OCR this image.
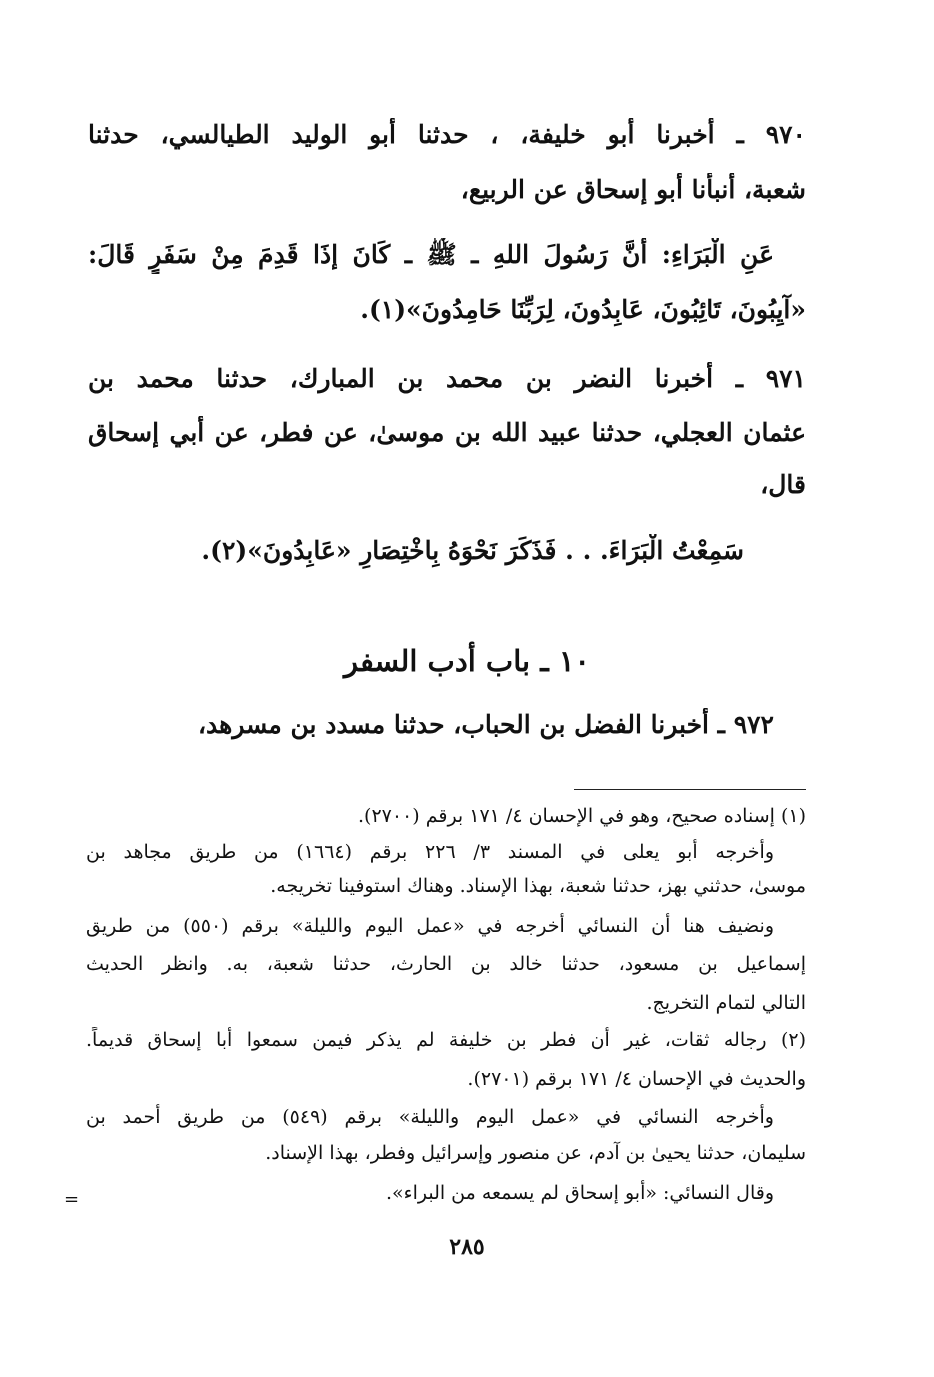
٩٧٠ ـ أخبرنا أبو خليفة، ، حدثنا أبو الوليد الطيالسي، حدثنا
شعبة، أنبأنا أبو إسحاق عن الربيع،
عَنِ الْبَرَاءِ: أَنَّ رَسُولَ اللهِ ـ ﷺ ـ كَانَ إذَا قَدِمَ مِنْ سَفَرٍ قَالَ:
«آيِبُونَ، تَائِبُونَ، عَابِدُونَ، لِرَبِّنَا حَامِدُونَ»(١).
٩٧١ ـ أخبرنا النضر بن محمد بن المبارك، حدثنا محمد بن
عثمان العجلي، حدثنا عبيد الله بن موسىٰ، عن فطر، عن أبي إسحاق
قال،
سَمِعْتُ الْبَرَاءَ. . . فَذَكَرَ نَحْوَهُ بِاخْتِصَارِ «عَابِدُونَ»(٢).
١٠ ـ باب أدب السفر
٩٧٢ ـ أخبرنا الفضل بن الحباب، حدثنا مسدد بن مسرهد،
(١) إسناده صحيح، وهو في الإحسان ٤/ ١٧١ برقم (٢٧٠٠).
وأخرجه أبو يعلى في المسند ٣/ ٢٢٦ برقم (١٦٦٤) من طريق مجاهد بن
موسىٰ، حدثني بهز، حدثنا شعبة، بهذا الإسناد. وهناك استوفينا تخريجه.
ونضيف هنا أن النسائي أخرجه في «عمل اليوم والليلة» برقم (٥٥٠) من طريق
إسماعيل بن مسعود، حدثنا خالد بن الحارث، حدثنا شعبة، به. وانظر الحديث
التالي لتمام التخريج.
(٢) رجاله ثقات، غير أن فطر بن خليفة لم يذكر فيمن سمعوا أبا إسحاق قديماً.
والحديث في الإحسان ٤/ ١٧١ برقم (٢٧٠١).
وأخرجه النسائي في «عمل اليوم والليلة» برقم (٥٤٩) من طريق أحمد بن
سليمان، حدثنا يحيىٰ بن آدم، عن منصور وإسرائيل وفطر، بهذا الإسناد.
وقال النسائي: «أبو إسحاق لم يسمعه من البراء».
=
٢٨٥
